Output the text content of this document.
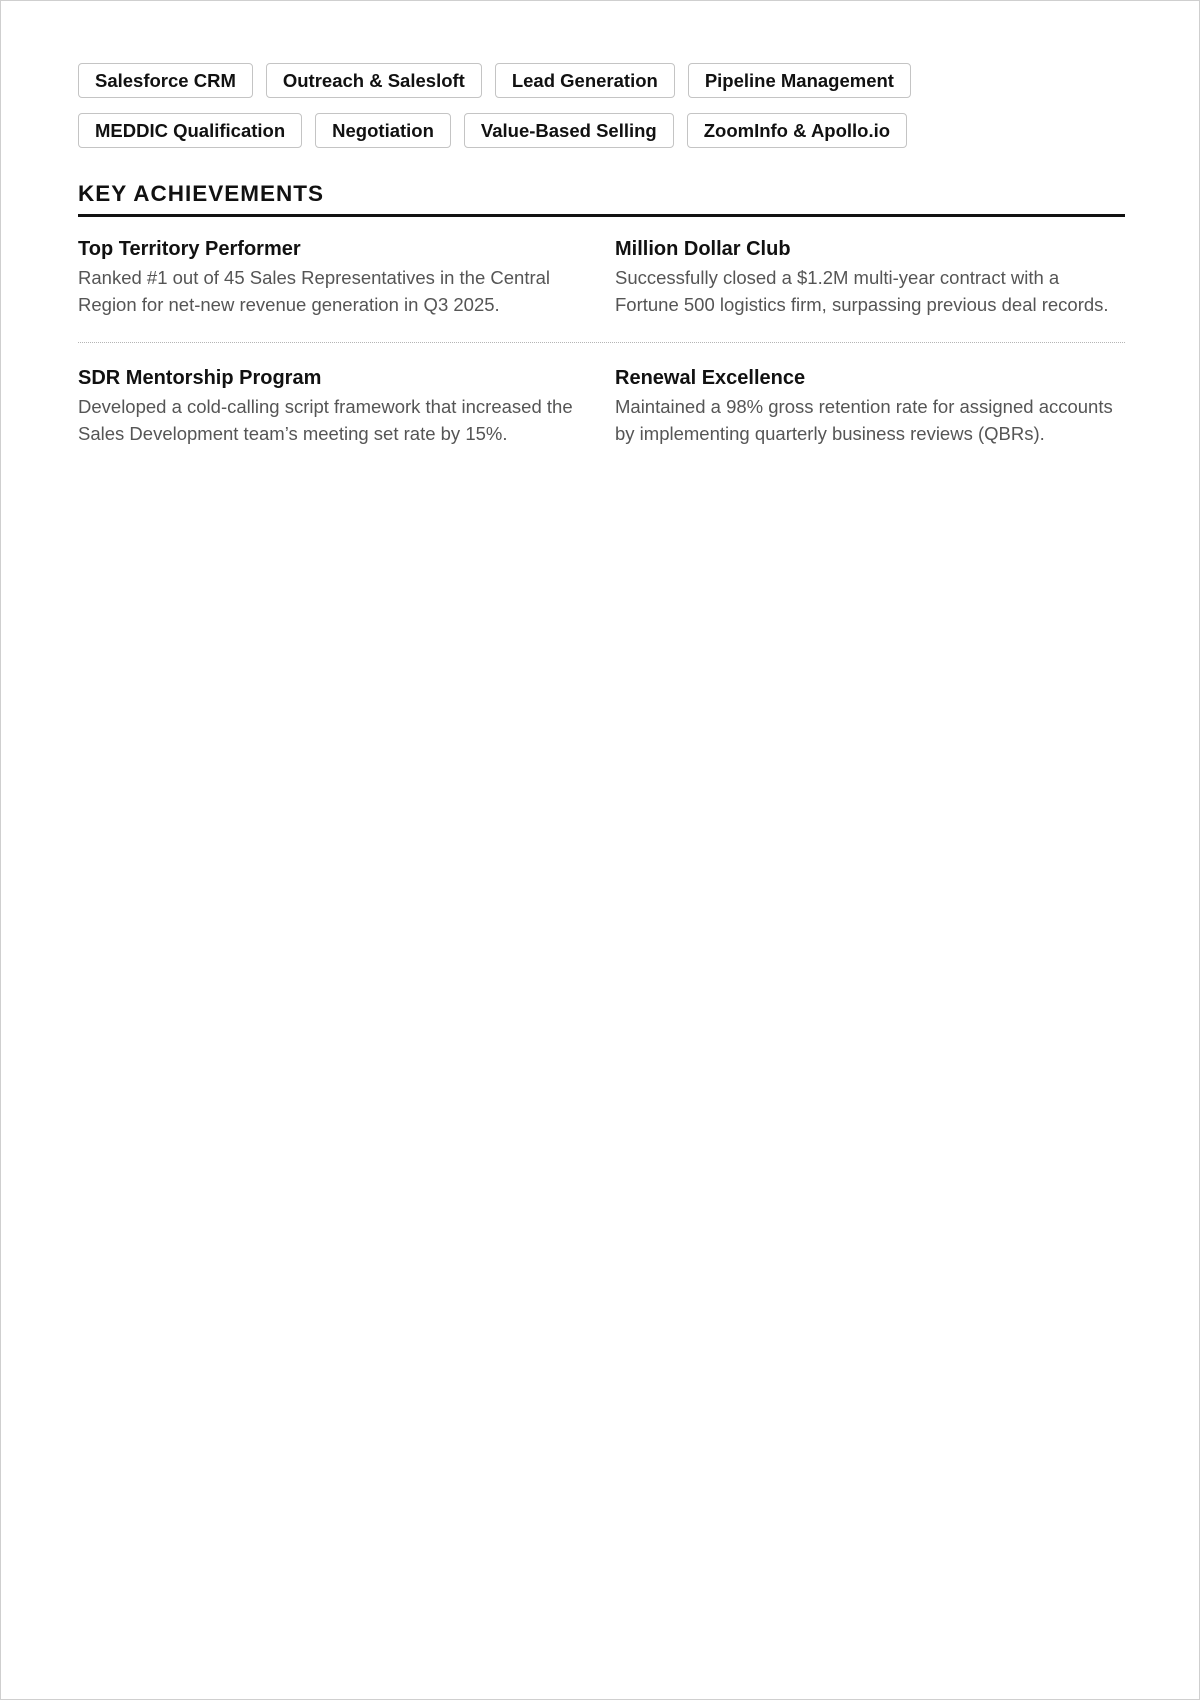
Salesforce CRM	Outreach & Salesloft	Lead Generation	Pipeline Management
MEDDIC Qualification	Negotiation	Value-Based Selling	ZoomInfo & Apollo.io
KEY ACHIEVEMENTS
Top Territory Performer
Ranked #1 out of 45 Sales Representatives in the Central Region for net-new revenue generation in Q3 2025.
Million Dollar Club
Successfully closed a $1.2M multi-year contract with a Fortune 500 logistics firm, surpassing previous deal records.
SDR Mentorship Program
Developed a cold-calling script framework that increased the Sales Development team’s meeting set rate by 15%.
Renewal Excellence
Maintained a 98% gross retention rate for assigned accounts by implementing quarterly business reviews (QBRs).
